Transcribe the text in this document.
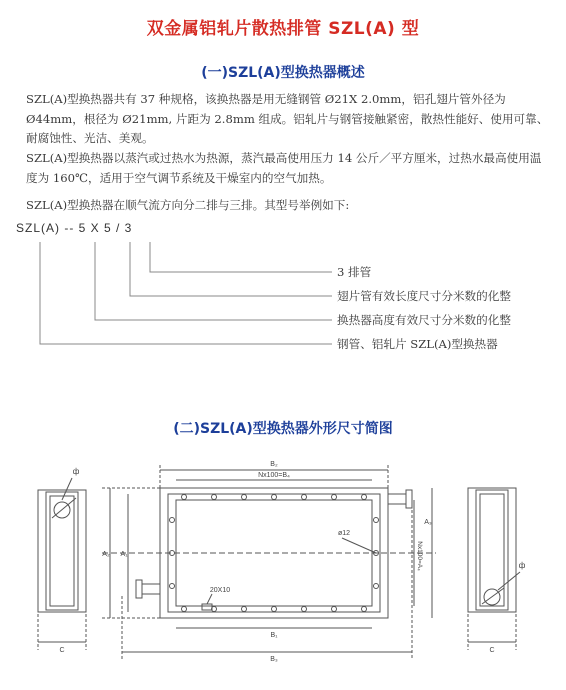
双金属铝轧片散热排管 SZL(A) 型
(一)SZL(A)型换热器概述

SZL(A)型换热器共有 37 种规格，该换热器是用无缝钢管 Ø21X 2.0mm，铝孔翅片管外径为 Ø44mm，根径为 Ø21mm, 片距为 2.8mm 组成。铝轧片与钢管接触紧密，散热性能好、使用可靠、耐腐蚀性、光洁、美观。

SZL(A)型换热器以蒸汽或过热水为热源，蒸汽最高使用压力 14 公斤／平方厘米，过热水最高使用温度为 160℃，适用于空气调节系统及干燥室内的空气加热。

SZL(A)型换热器在顺气流方向分二排与三排。其型号举例如下:

SZL(A) -- 5 X 5 / 3
3 排管
翅片管有效长度尺寸分米数的化整
换热器高度有效尺寸分米数的化整
钢管、铝轧片 SZL(A)型换热器
(二)SZL(A)型换热器外形尺寸简图
B₂
Nx100=B₄
B₁
B₃
A₂ A₁
A₃
Nx100=A₄
ø12
20X10
ф
ф
C	C
